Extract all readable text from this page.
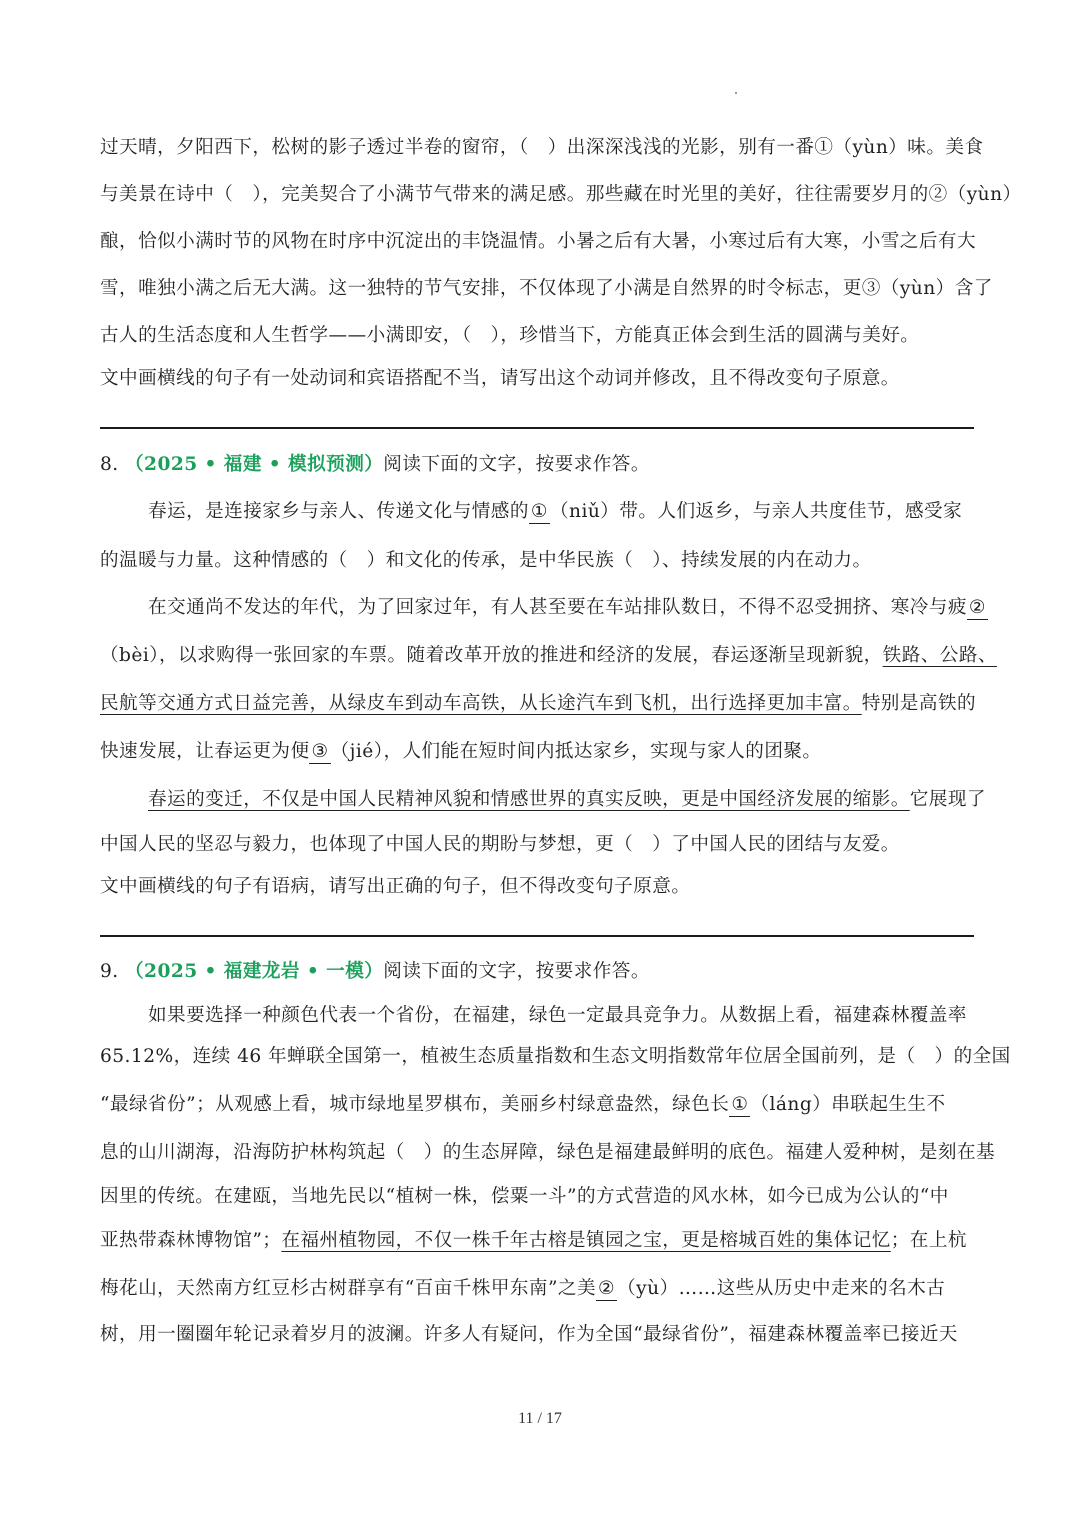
过天晴，夕阳西下，松树的影子透过半卷的窗帘，（　）出深深浅浅的光影，别有一番①（yùn）味。美食
与美景在诗中（　），完美契合了小满节气带来的满足感。那些藏在时光里的美好，往往需要岁月的②（yùn）
酿，恰似小满时节的风物在时序中沉淀出的丰饶温情。小暑之后有大暑，小寒过后有大寒，小雪之后有大
雪，唯独小满之后无大满。这一独特的节气安排，不仅体现了小满是自然界的时令标志，更③（yùn）含了
古人的生活态度和人生哲学——小满即安，（　），珍惜当下，方能真正体会到生活的圆满与美好。
文中画横线的句子有一处动词和宾语搭配不当，请写出这个动词并修改，且不得改变句子原意。
8. （2025 • 福建 • 模拟预测）阅读下面的文字，按要求作答。
春运，是连接家乡与亲人、传递文化与情感的 ① （niǔ）带。人们返乡，与亲人共度佳节，感受家
的温暖与力量。这种情感的（　）和文化的传承，是中华民族（　）、持续发展的内在动力。
在交通尚不发达的年代，为了回家过年，有人甚至要在车站排队数日，不得不忍受拥挤、寒冷与疲 ②
（bèi），以求购得一张回家的车票。随着改革开放的推进和经济的发展，春运逐渐呈现新貌，铁路、公路、
民航等交通方式日益完善，从绿皮车到动车高铁，从长途汽车到飞机，出行选择更加丰富。特别是高铁的
快速发展，让春运更为便 ③ （jié），人们能在短时间内抵达家乡，实现与家人的团聚。
春运的变迁，不仅是中国人民精神风貌和情感世界的真实反映，更是中国经济发展的缩影。它展现了
中国人民的坚忍与毅力，也体现了中国人民的期盼与梦想，更（　）了中国人民的团结与友爱。
文中画横线的句子有语病，请写出正确的句子，但不得改变句子原意。
9. （2025 • 福建龙岩 • 一模）阅读下面的文字，按要求作答。
如果要选择一种颜色代表一个省份，在福建，绿色一定最具竞争力。从数据上看，福建森林覆盖率
65.12%，连续 46 年蝉联全国第一，植被生态质量指数和生态文明指数常年位居全国前列，是（　）的全国
“最绿省份”；从观感上看，城市绿地星罗棋布，美丽乡村绿意盎然，绿色长 ① （láng）串联起生生不
息的山川湖海，沿海防护林构筑起（　）的生态屏障，绿色是福建最鲜明的底色。福建人爱种树，是刻在基
因里的传统。在建瓯，当地先民以“植树一株，偿粟一斗”的方式营造的风水林，如今已成为公认的“中
亚热带森林博物馆”；在福州植物园，不仅一株千年古榕是镇园之宝，更是榕城百姓的集体记忆；在上杭
梅花山，天然南方红豆杉古树群享有“百亩千株甲东南”之美 ② （yù）……这些从历史中走来的名木古
树，用一圈圈年轮记录着岁月的波澜。许多人有疑问，作为全国“最绿省份”，福建森林覆盖率已接近天
11 / 17
